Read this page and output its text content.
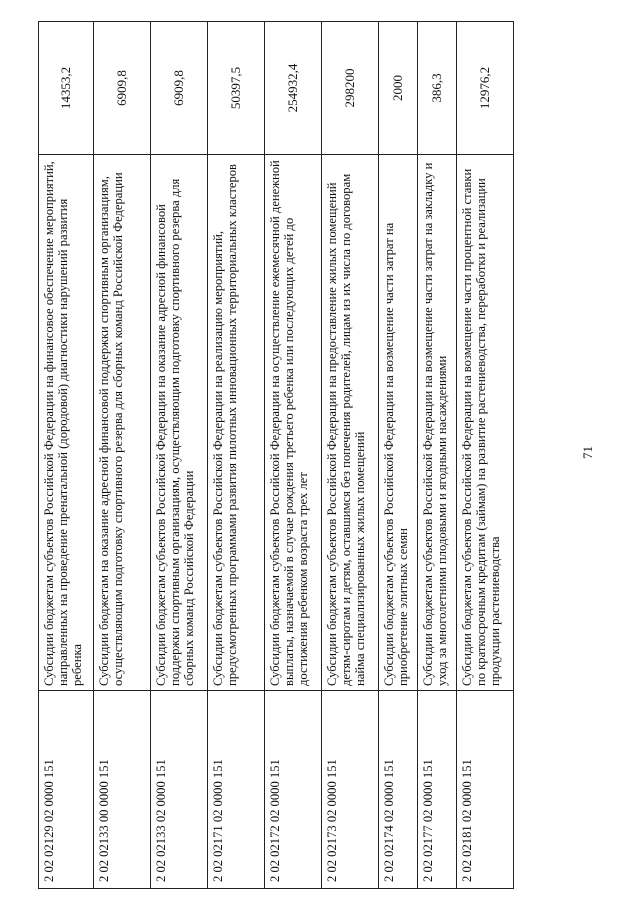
71
2 02 02129 02 0000 151
Субсидии бюджетам субъектов Российской Федерации на финансовое обеспечение мероприятий, направленных на проведение пренатальной (дородовой) диагностики нарушений развития ребенка
14353,2
2 02 02133 00 0000 151
Субсидии бюджетам на оказание адресной финансовой поддержки спортивным организациям, осуществляющим подготовку спортивного резерва для сборных команд Российской Федерации
6909,8
2 02 02133 02 0000 151
Субсидии бюджетам субъектов Российской Федерации на оказание адресной финансовой поддержки спортивным организациям, осуществляющим подготовку спортивного резерва для сборных команд Российской Федерации
6909,8
2 02 02171 02 0000 151
Субсидии бюджетам субъектов Российской Федерации на реализацию мероприятий, предусмотренных программами развития пилотных инновационных территориальных кластеров
50397,5
2 02 02172 02 0000 151
Субсидии бюджетам субъектов Российской Федерации на осуществление ежемесячной денежной выплаты, назначаемой в случае рождения третьего ребенка или последующих детей до достижения ребенком возраста трех лет
254932,4
2 02 02173 02 0000 151
Субсидии бюджетам субъектов Российской Федерации на предоставление жилых помещений детям-сиротам и детям, оставшимся без попечения родителей, лицам из их числа по договорам найма специализированных жилых помещений
298200
2 02 02174 02 0000 151
Субсидии бюджетам субъектов Российской Федерации на возмещение части затрат на приобретение элитных семян
2000
2 02 02177 02 0000 151
Субсидии бюджетам субъектов Российской Федерации на возмещение части затрат на закладку и уход за многолетними плодовыми и ягодными насаждениями
386,3
2 02 02181 02 0000 151
Субсидии бюджетам субъектов Российской Федерации на возмещение части процентной ставки по краткосрочным кредитам (займам) на развитие растениеводства, переработки и реализации продукции растениеводства
12976,2
